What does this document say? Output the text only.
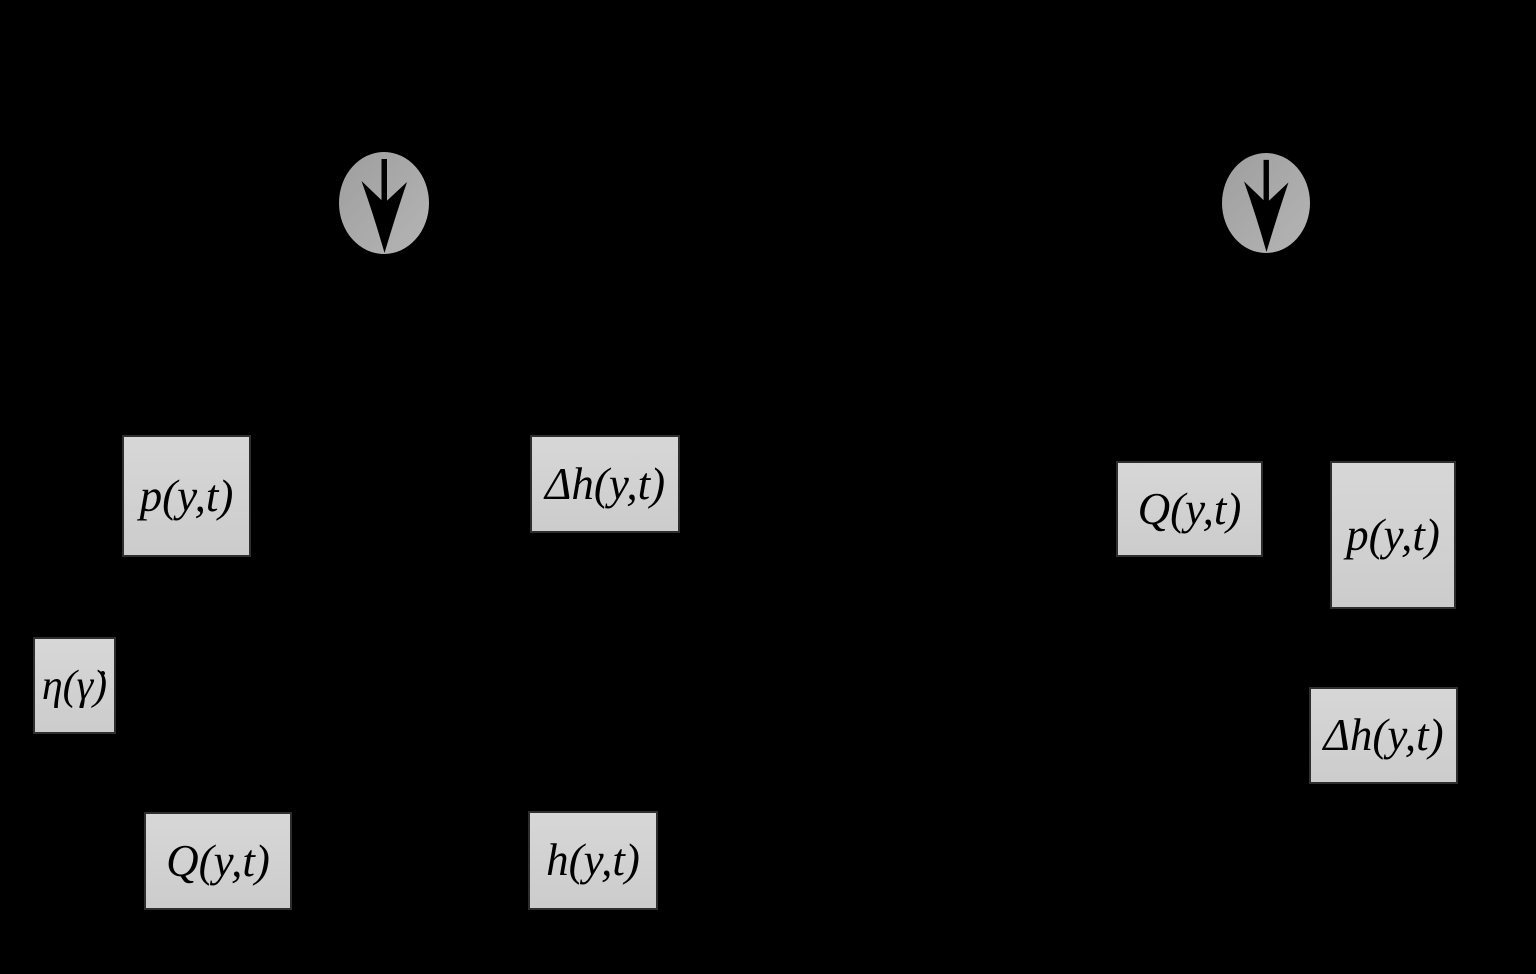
p(y,t)	Δh(y,t)
η(γ̇)
Q(y,t)	h(y,t)
Q(y,t)
p(y,t)
Δh(y,t)
